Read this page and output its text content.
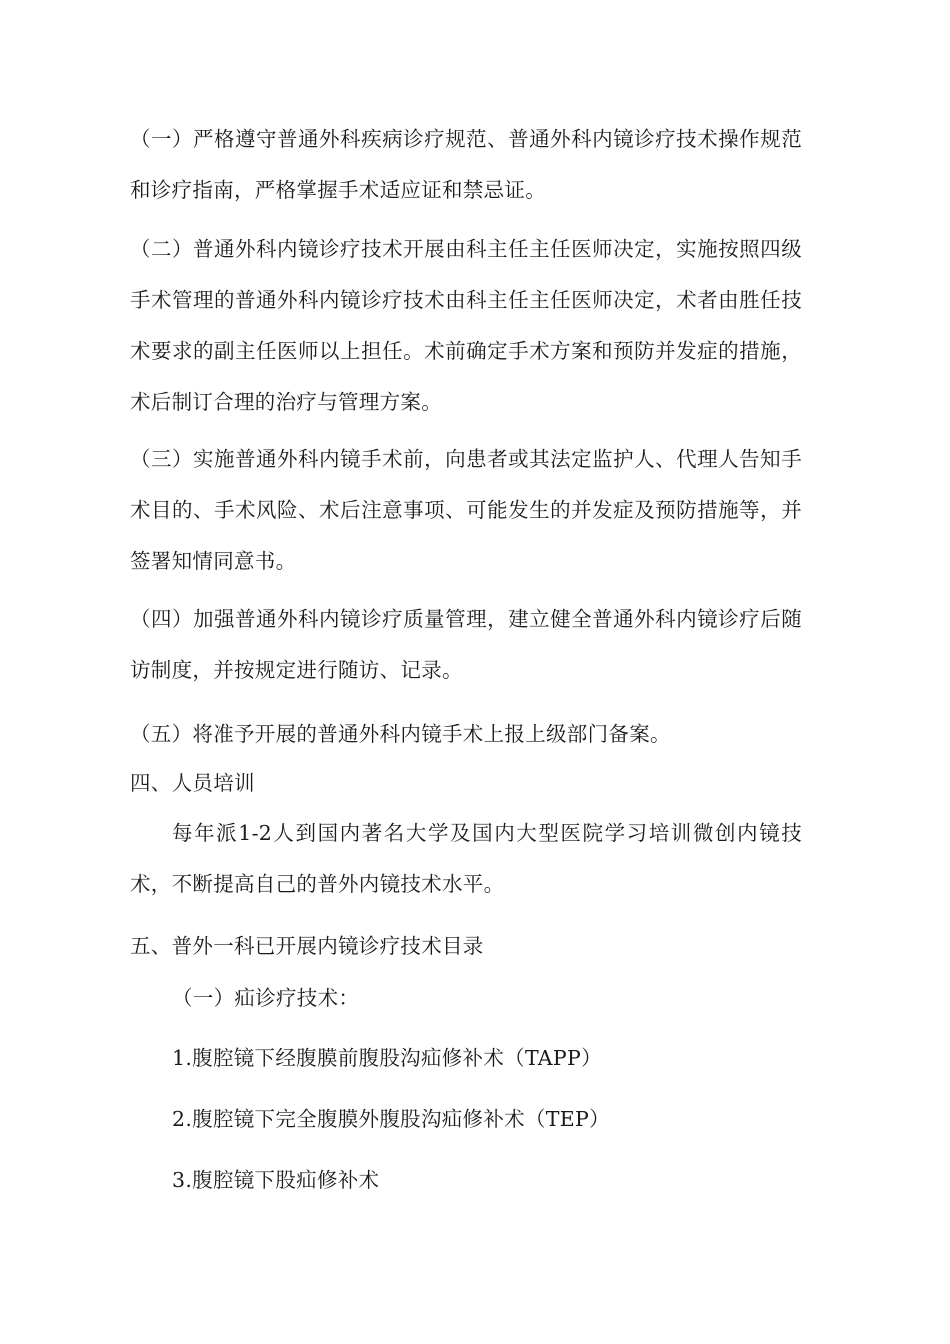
（一）严格遵守普通外科疾病诊疗规范、普通外科内镜诊疗技术操作规范和诊疗指南，严格掌握手术适应证和禁忌证。

（二）普通外科内镜诊疗技术开展由科主任主任医师决定，实施按照四级手术管理的普通外科内镜诊疗技术由科主任主任医师决定，术者由胜任技术要求的副主任医师以上担任。术前确定手术方案和预防并发症的措施，术后制订合理的治疗与管理方案。

（三）实施普通外科内镜手术前，向患者或其法定监护人、代理人告知手术目的、手术风险、术后注意事项、可能发生的并发症及预防措施等，并签署知情同意书。

（四）加强普通外科内镜诊疗质量管理，建立健全普通外科内镜诊疗后随访制度，并按规定进行随访、记录。

（五）将准予开展的普通外科内镜手术上报上级部门备案。

四、人员培训

每年派1-2人到国内著名大学及国内大型医院学习培训微创内镜技术，不断提高自己的普外内镜技术水平。

五、普外一科已开展内镜诊疗技术目录

（一）疝诊疗技术：

1.腹腔镜下经腹膜前腹股沟疝修补术（TAPP）

2.腹腔镜下完全腹膜外腹股沟疝修补术（TEP）

3.腹腔镜下股疝修补术
